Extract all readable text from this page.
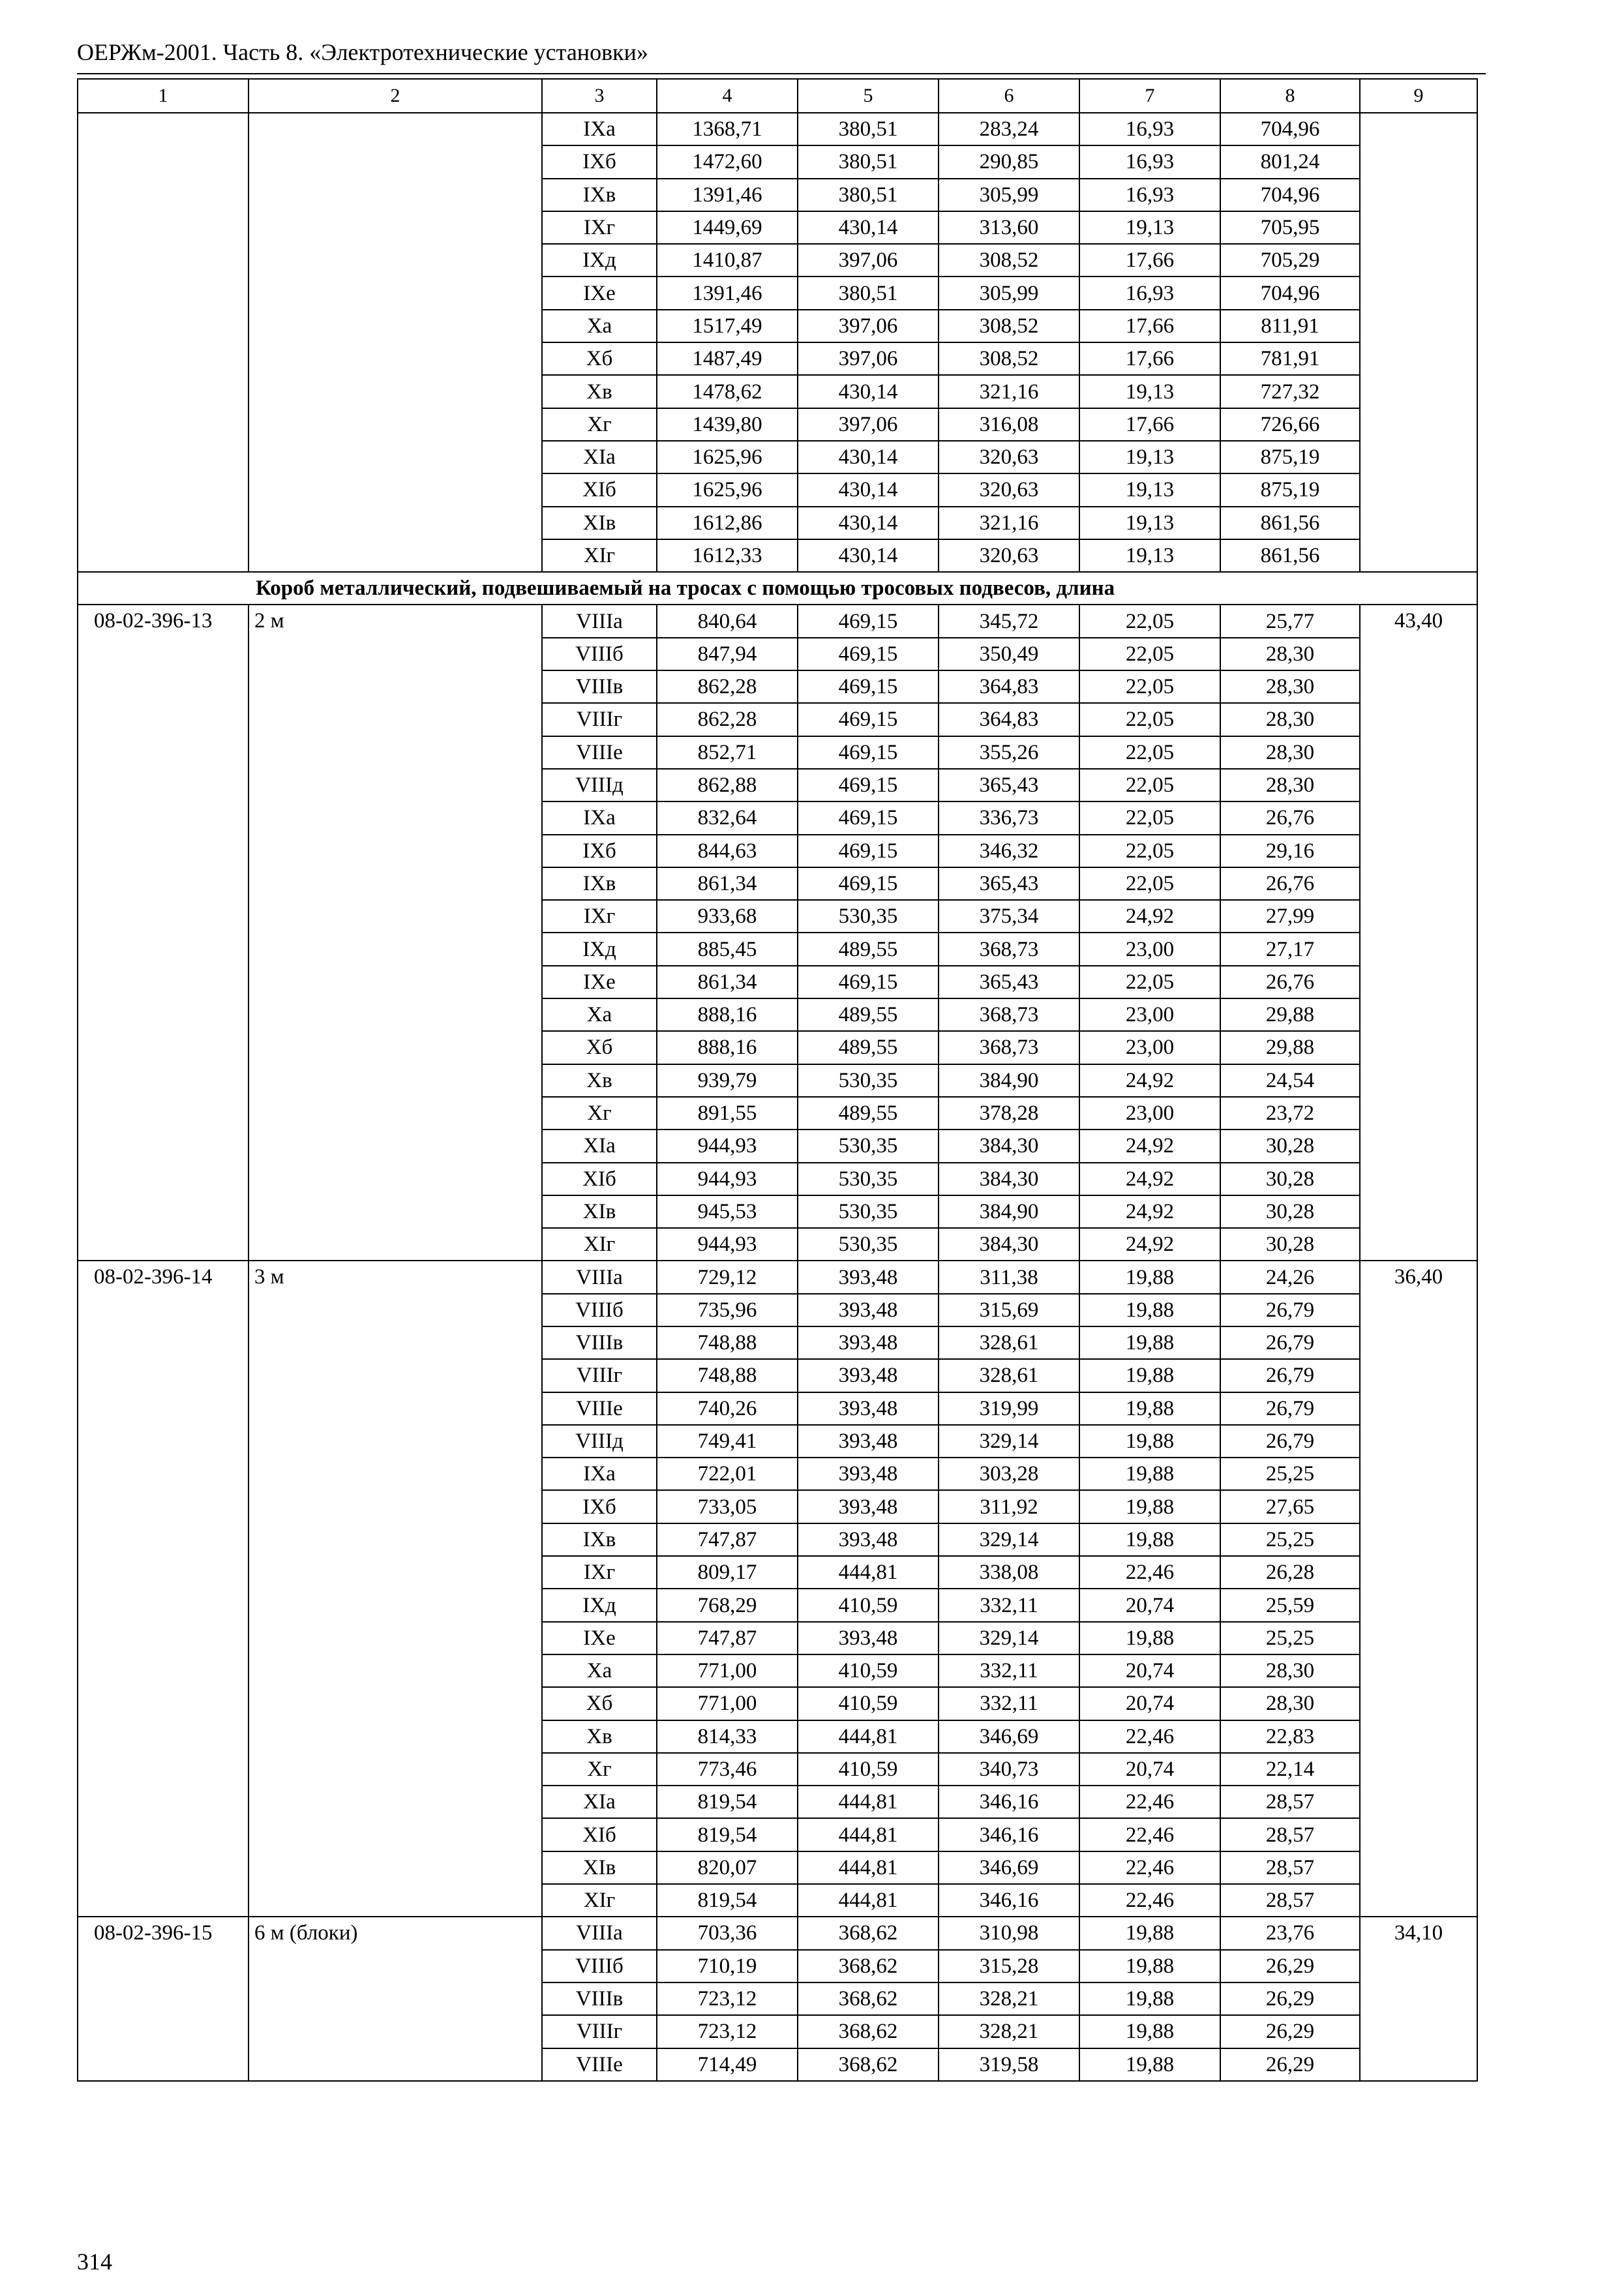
ОЕРЖм-2001. Часть 8. «Электротехнические установки»
1	2	3	4	5	6	7	8	9
		IXа	1368,71	380,51	283,24	16,93	704,96	
		IXб	1472,60	380,51	290,85	16,93	801,24	
		IXв	1391,46	380,51	305,99	16,93	704,96	
		IXг	1449,69	430,14	313,60	19,13	705,95	
		IXд	1410,87	397,06	308,52	17,66	705,29	
		IXе	1391,46	380,51	305,99	16,93	704,96	
		Xа	1517,49	397,06	308,52	17,66	811,91	
		Xб	1487,49	397,06	308,52	17,66	781,91	
		Xв	1478,62	430,14	321,16	19,13	727,32	
		Xг	1439,80	397,06	316,08	17,66	726,66	
		XIа	1625,96	430,14	320,63	19,13	875,19	
		XIб	1625,96	430,14	320,63	19,13	875,19	
		XIв	1612,86	430,14	321,16	19,13	861,56	
		XIг	1612,33	430,14	320,63	19,13	861,56	
Короб металлический, подвешиваемый на тросах с помощью тросовых подвесов, длина								
08-02-396-13	2 м	VIIIа	840,64	469,15	345,72	22,05	25,77	43,40
		VIIIб	847,94	469,15	350,49	22,05	28,30	
		VIIIв	862,28	469,15	364,83	22,05	28,30	
		VIIIг	862,28	469,15	364,83	22,05	28,30	
		VIIIе	852,71	469,15	355,26	22,05	28,30	
		VIIIд	862,88	469,15	365,43	22,05	28,30	
		IXа	832,64	469,15	336,73	22,05	26,76	
		IXб	844,63	469,15	346,32	22,05	29,16	
		IXв	861,34	469,15	365,43	22,05	26,76	
		IXг	933,68	530,35	375,34	24,92	27,99	
		IXд	885,45	489,55	368,73	23,00	27,17	
		IXе	861,34	469,15	365,43	22,05	26,76	
		Xа	888,16	489,55	368,73	23,00	29,88	
		Xб	888,16	489,55	368,73	23,00	29,88	
		Xв	939,79	530,35	384,90	24,92	24,54	
		Xг	891,55	489,55	378,28	23,00	23,72	
		XIа	944,93	530,35	384,30	24,92	30,28	
		XIб	944,93	530,35	384,30	24,92	30,28	
		XIв	945,53	530,35	384,90	24,92	30,28	
		XIг	944,93	530,35	384,30	24,92	30,28	
08-02-396-14	3 м	VIIIа	729,12	393,48	311,38	19,88	24,26	36,40
		VIIIб	735,96	393,48	315,69	19,88	26,79	
		VIIIв	748,88	393,48	328,61	19,88	26,79	
		VIIIг	748,88	393,48	328,61	19,88	26,79	
		VIIIе	740,26	393,48	319,99	19,88	26,79	
		VIIIд	749,41	393,48	329,14	19,88	26,79	
		IXа	722,01	393,48	303,28	19,88	25,25	
		IXб	733,05	393,48	311,92	19,88	27,65	
		IXв	747,87	393,48	329,14	19,88	25,25	
		IXг	809,17	444,81	338,08	22,46	26,28	
		IXд	768,29	410,59	332,11	20,74	25,59	
		IXе	747,87	393,48	329,14	19,88	25,25	
		Xа	771,00	410,59	332,11	20,74	28,30	
		Xб	771,00	410,59	332,11	20,74	28,30	
		Xв	814,33	444,81	346,69	22,46	22,83	
		Xг	773,46	410,59	340,73	20,74	22,14	
		XIа	819,54	444,81	346,16	22,46	28,57	
		XIб	819,54	444,81	346,16	22,46	28,57	
		XIв	820,07	444,81	346,69	22,46	28,57	
		XIг	819,54	444,81	346,16	22,46	28,57	
08-02-396-15	6 м (блоки)	VIIIа	703,36	368,62	310,98	19,88	23,76	34,10
		VIIIб	710,19	368,62	315,28	19,88	26,29	
		VIIIв	723,12	368,62	328,21	19,88	26,29	
		VIIIг	723,12	368,62	328,21	19,88	26,29	
		VIIIе	714,49	368,62	319,58	19,88	26,29	
314
